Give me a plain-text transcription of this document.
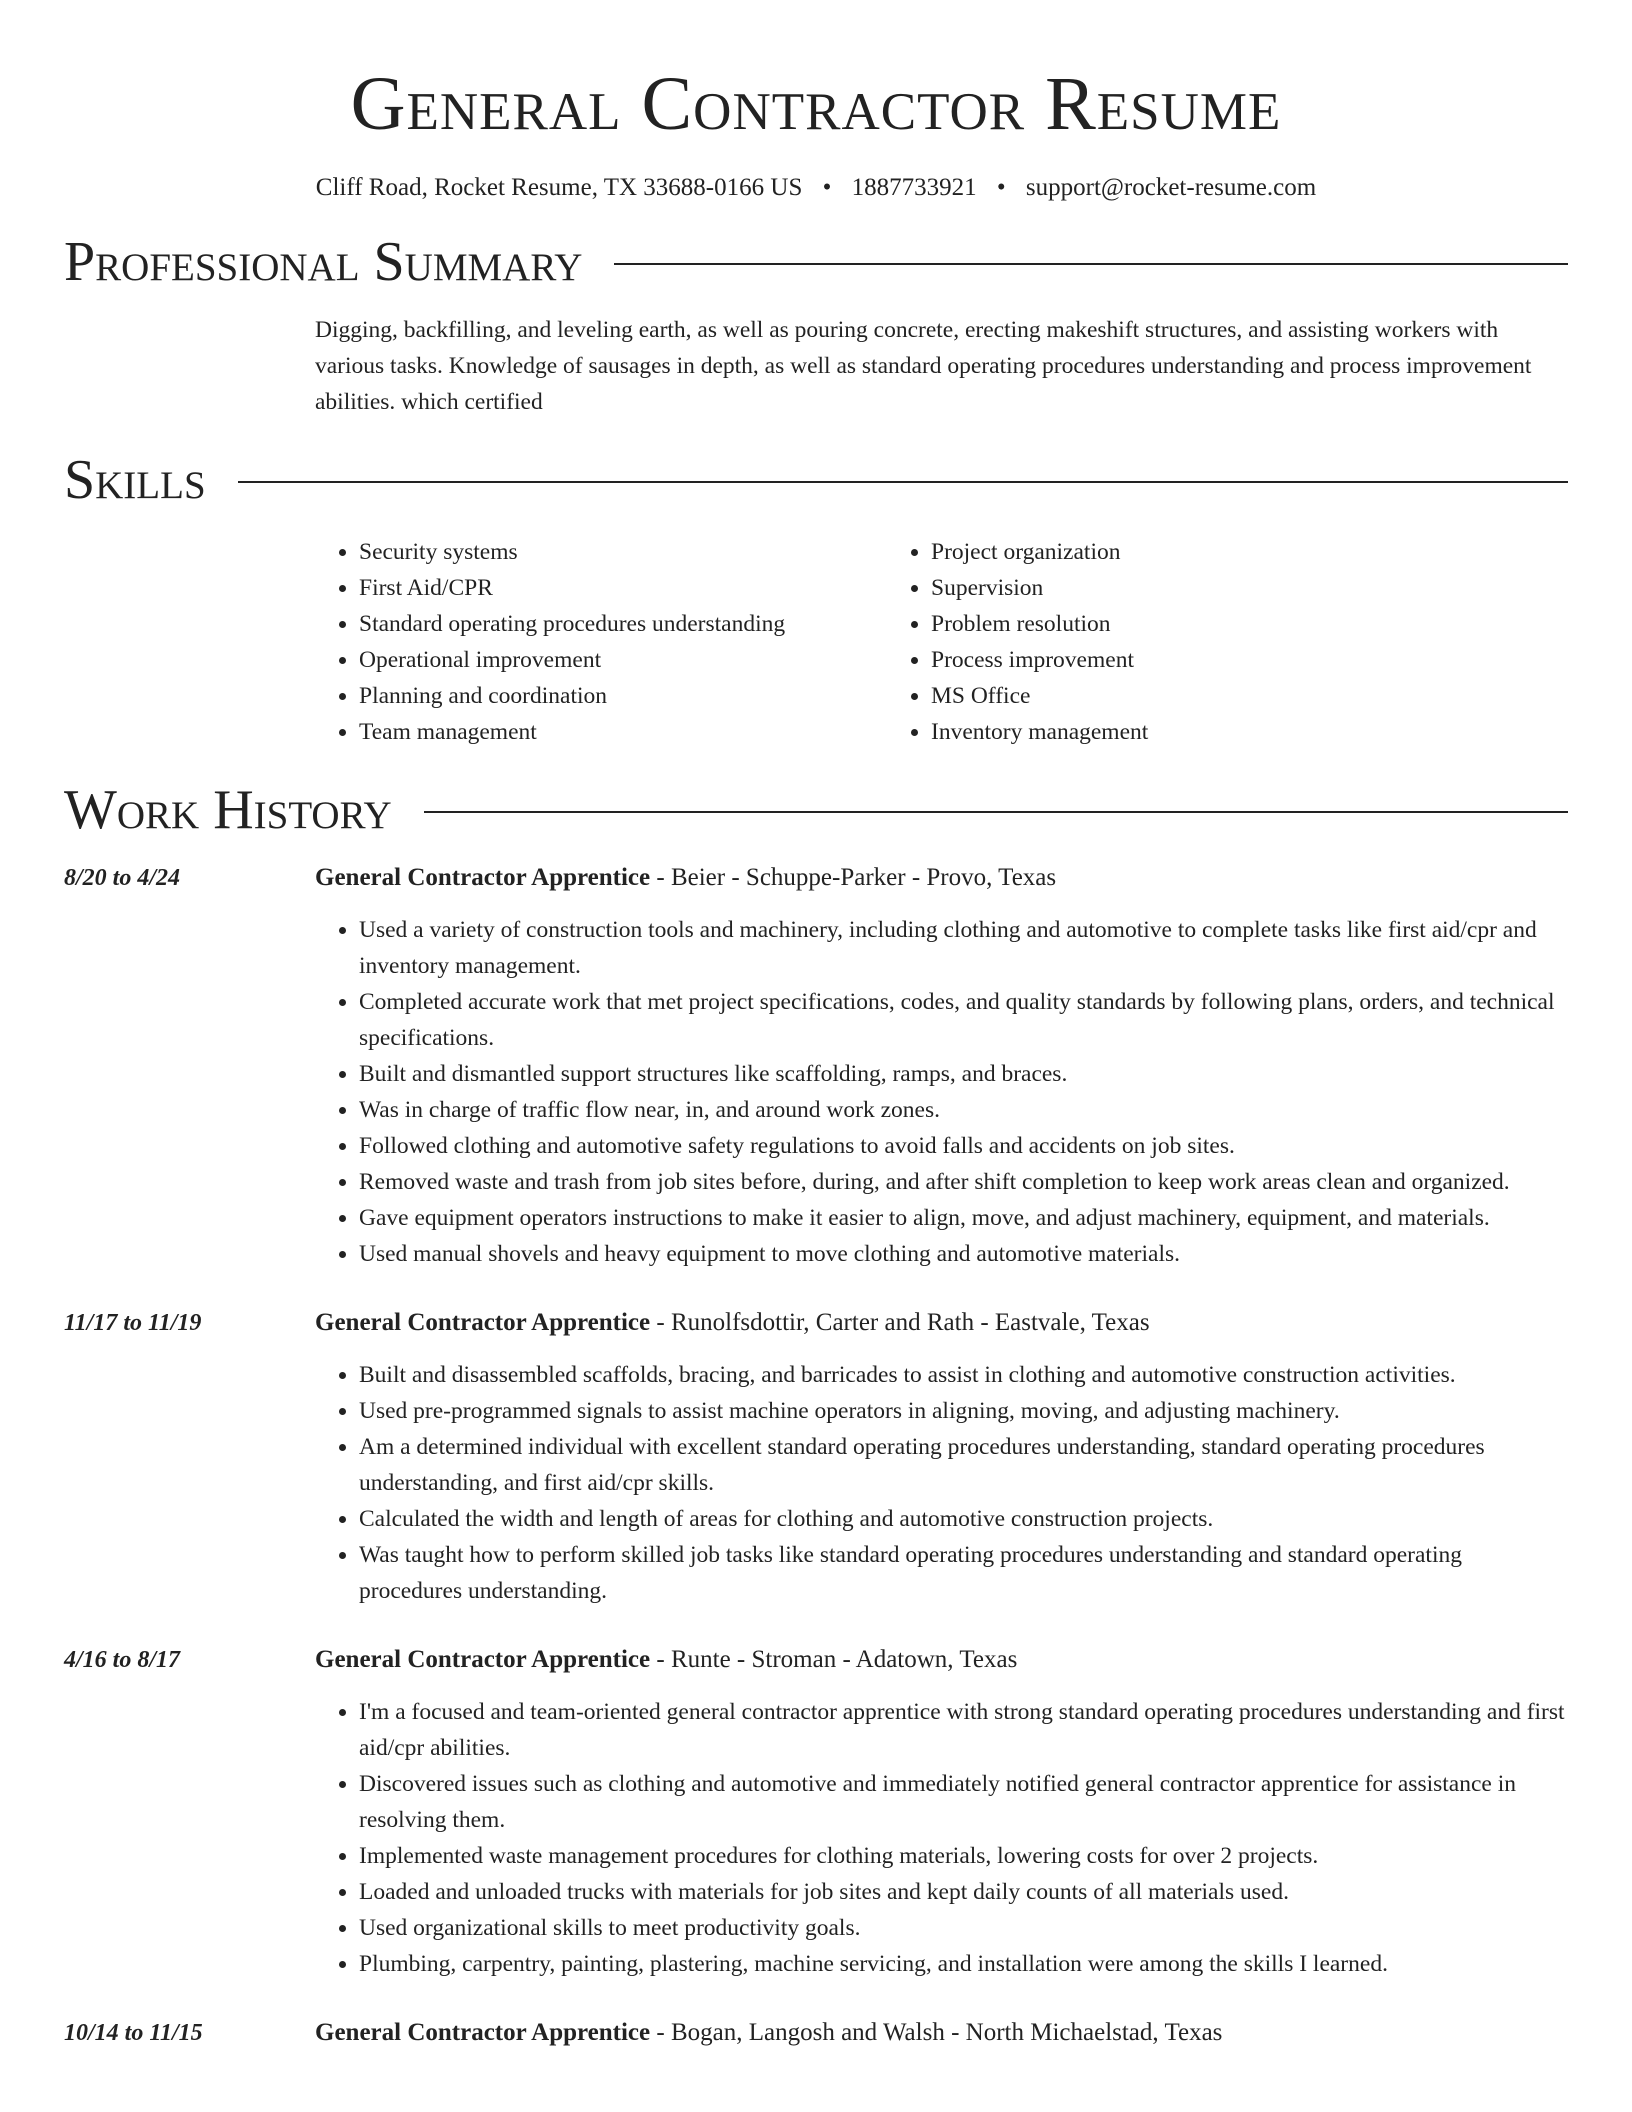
General Contractor Resume
Cliff Road, Rocket Resume, TX 33688-0166 US • 1887733921 • support@rocket-resume.com
Professional Summary

Digging, backfilling, and leveling earth, as well as pouring concrete, erecting makeshift structures, and assisting workers with various tasks. Knowledge of sausages in depth, as well as standard operating procedures understanding and process improvement abilities. which certified

Skills
• Security systems
• First Aid/CPR
• Standard operating procedures understanding
• Operational improvement
• Planning and coordination
• Team management
• Project organization
• Supervision
• Problem resolution
• Process improvement
• MS Office
• Inventory management
Work History
8/20 to 4/24	General Contractor Apprentice - Beier - Schuppe-Parker - Provo, Texas
• Used a variety of construction tools and machinery, including clothing and automotive to complete tasks like first aid/cpr and inventory management.
• Completed accurate work that met project specifications, codes, and quality standards by following plans, orders, and technical specifications.
• Built and dismantled support structures like scaffolding, ramps, and braces.
• Was in charge of traffic flow near, in, and around work zones.
• Followed clothing and automotive safety regulations to avoid falls and accidents on job sites.
• Removed waste and trash from job sites before, during, and after shift completion to keep work areas clean and organized.
• Gave equipment operators instructions to make it easier to align, move, and adjust machinery, equipment, and materials.
• Used manual shovels and heavy equipment to move clothing and automotive materials.
11/17 to 11/19	General Contractor Apprentice - Runolfsdottir, Carter and Rath - Eastvale, Texas
• Built and disassembled scaffolds, bracing, and barricades to assist in clothing and automotive construction activities.
• Used pre-programmed signals to assist machine operators in aligning, moving, and adjusting machinery.
• Am a determined individual with excellent standard operating procedures understanding, standard operating procedures understanding, and first aid/cpr skills.
• Calculated the width and length of areas for clothing and automotive construction projects.
• Was taught how to perform skilled job tasks like standard operating procedures understanding and standard operating procedures understanding.
4/16 to 8/17	General Contractor Apprentice - Runte - Stroman - Adatown, Texas
• I'm a focused and team-oriented general contractor apprentice with strong standard operating procedures understanding and first aid/cpr abilities.
• Discovered issues such as clothing and automotive and immediately notified general contractor apprentice for assistance in resolving them.
• Implemented waste management procedures for clothing materials, lowering costs for over 2 projects.
• Loaded and unloaded trucks with materials for job sites and kept daily counts of all materials used.
• Used organizational skills to meet productivity goals.
• Plumbing, carpentry, painting, plastering, machine servicing, and installation were among the skills I learned.
10/14 to 11/15	General Contractor Apprentice - Bogan, Langosh and Walsh - North Michaelstad, Texas
